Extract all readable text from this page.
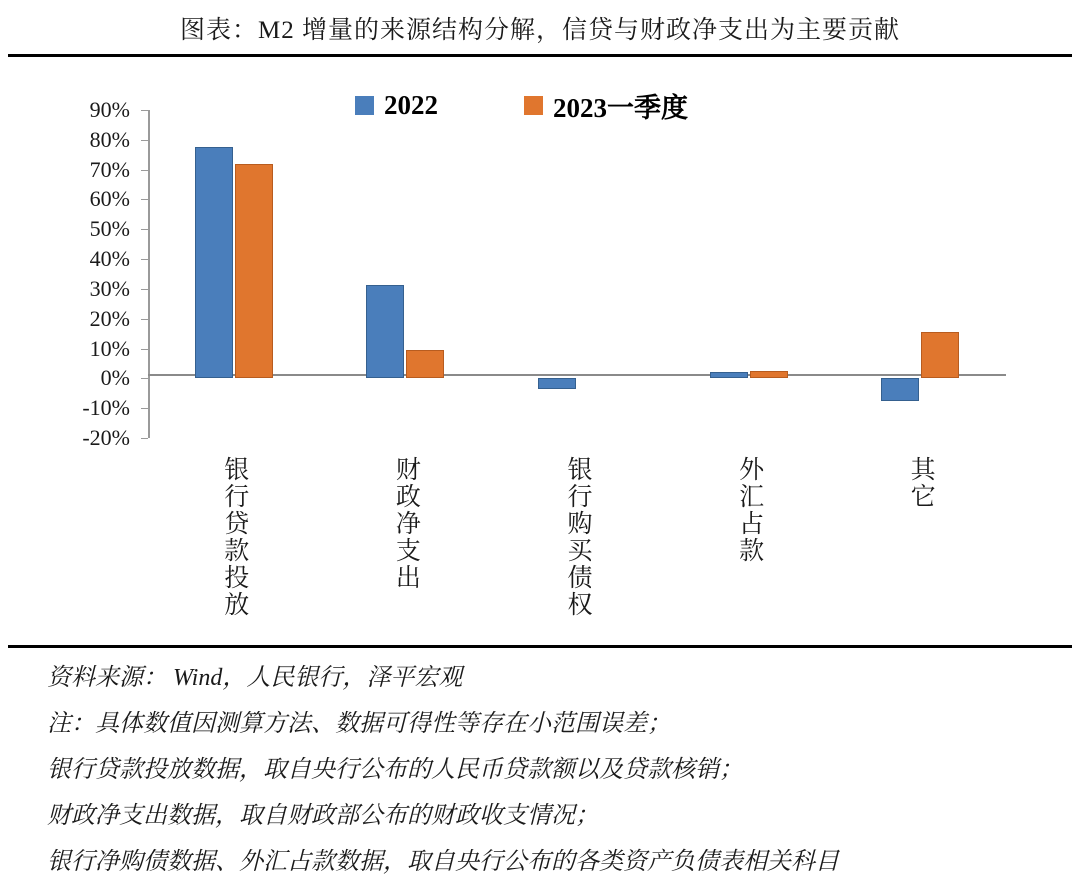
图表：M2 增量的来源结构分解，信贷与财政净支出为主要贡献
2022	2023一季度
90%
80%
70%
60%
50%
40%
30%
20%
10%
0%
-10%
-20%
银行贷款投放	财政净支出	银行购买债权	外汇占款	其它
资料来源： Wind，人民银行，泽平宏观
注：具体数值因测算方法、数据可得性等存在小范围误差；
银行贷款投放数据，取自央行公布的人民币贷款额以及贷款核销；
财政净支出数据，取自财政部公布的财政收支情况；
银行净购债数据、外汇占款数据，取自央行公布的各类资产负债表相关科目
